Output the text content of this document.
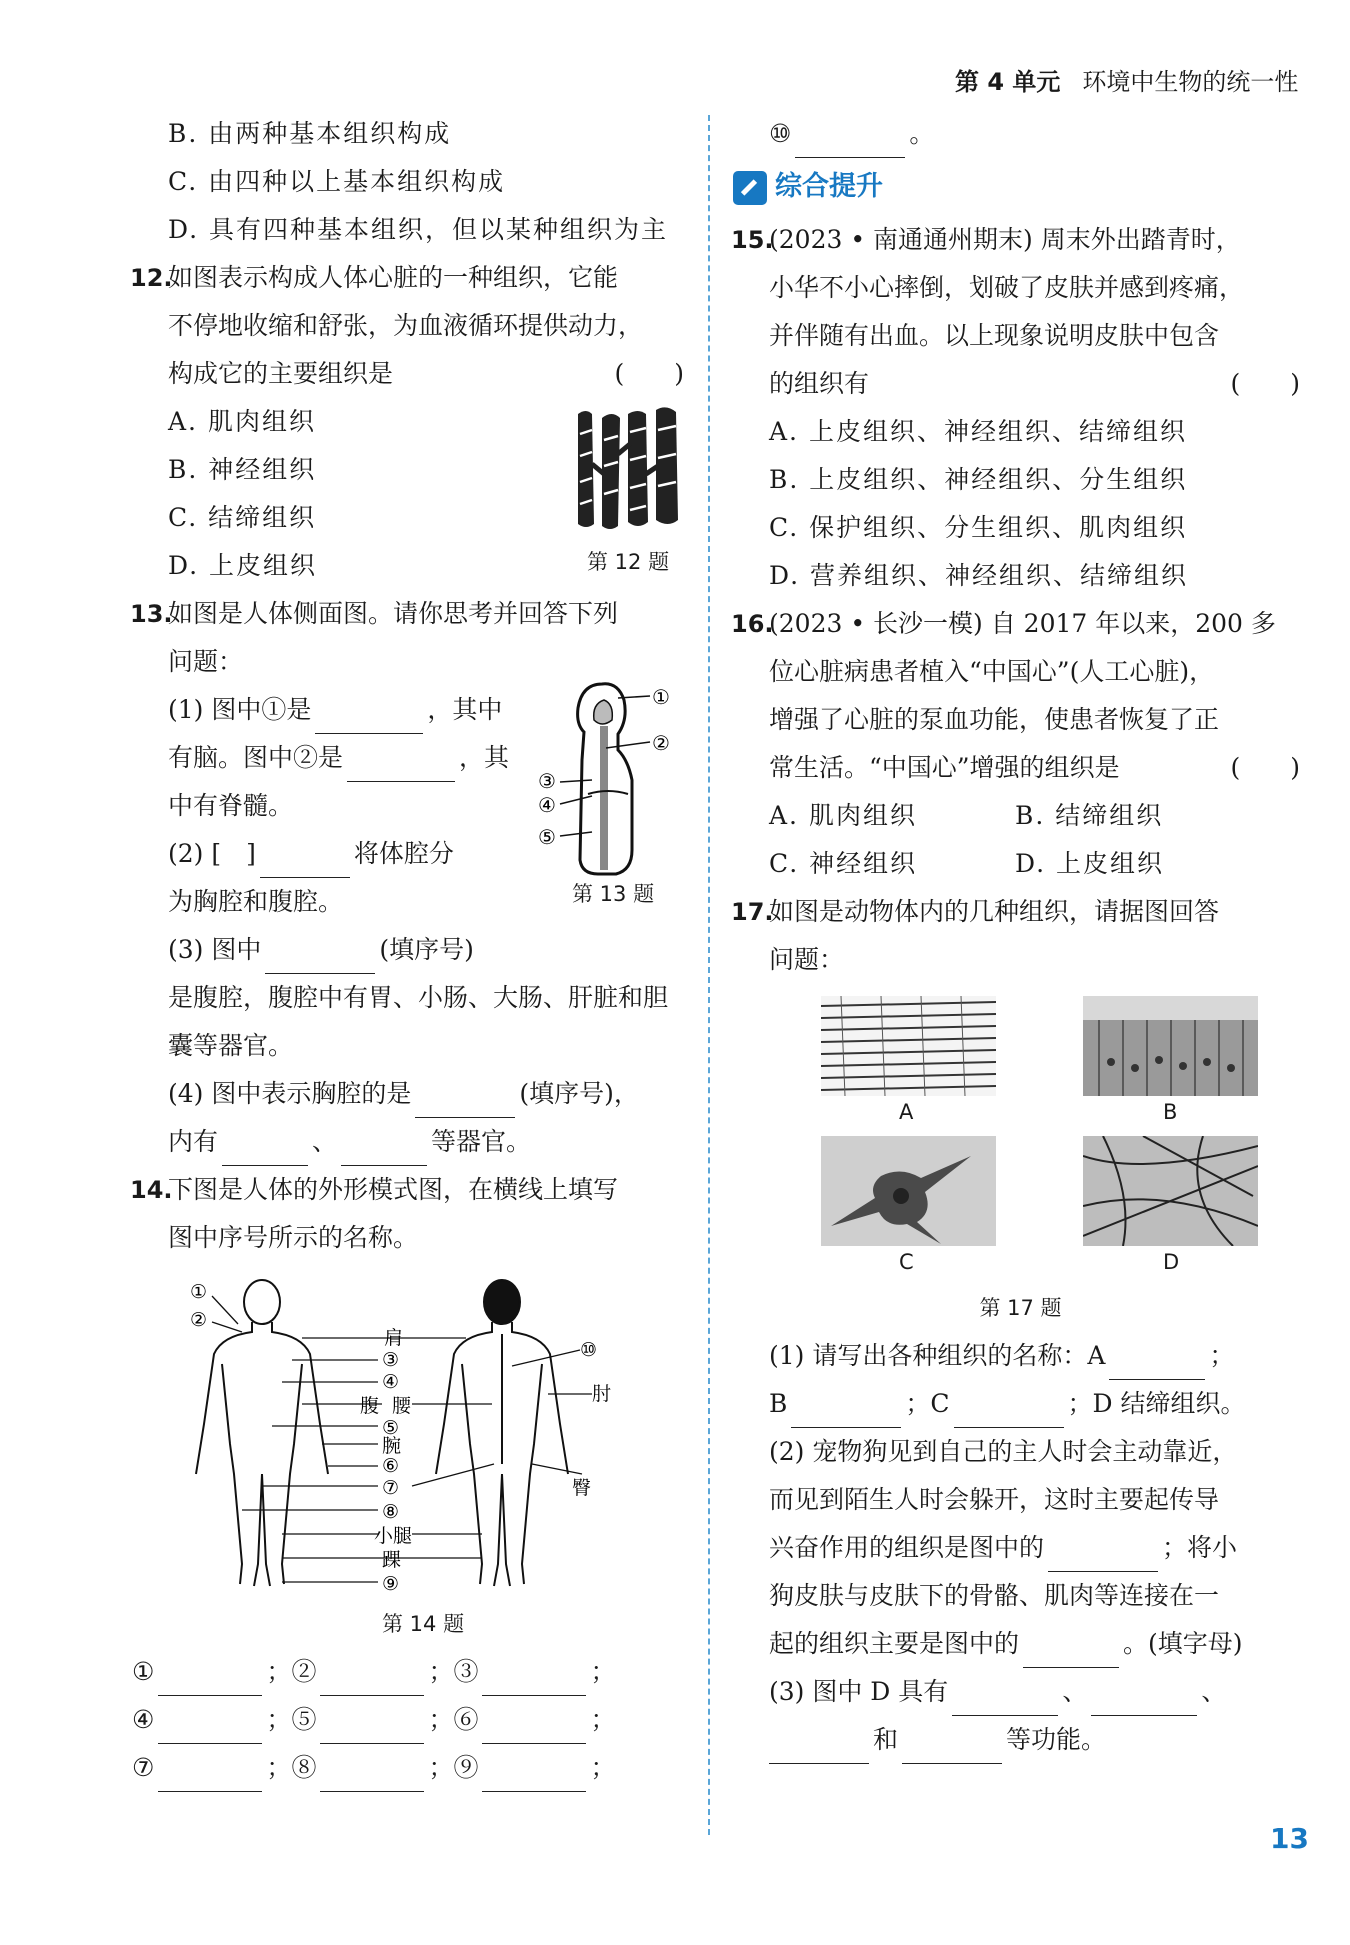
第 4 单元 环境中生物的统一性
B. 由两种基本组织构成
C. 由四种以上基本组织构成
D. 具有四种基本组织，但以某种组织为主
12.
如图表示构成人体心脏的一种组织，它能
不停地收缩和舒张，为血液循环提供动力，
构成它的主要组织是	(　　)
A. 肌肉组织
B. 神经组织
C. 结缔组织
D. 上皮组织	第 12 题
13.
如图是人体侧面图。请你思考并回答下列
问题：
(1) 图中①是	，其中
有脑。图中②是	，其
中有脊髓。
(2) [　]	将体腔分
为胸腔和腹腔。
(3) 图中	(填序号)
是腹腔，腹腔中有胃、小肠、大肠、肝脏和胆
囊等器官。
(4) 图中表示胸腔的是	(填序号)，
内有	、	等器官。
①
②
③
④
⑤
第 13 题
14.
下图是人体的外形模式图，在横线上填写
图中序号所示的名称。
①
②
肩
③
④
腹 腰
⑤
腕
⑥
⑦
⑧
小腿
踝
⑨
⑩
肘
臀
第 14 题
①	；②	；③	；
④	；⑤	；⑥	；
⑦	；⑧	；⑨	；
⑩	。
综合提升
15.
(2023 • 南通通州期末) 周末外出踏青时，
小华不小心摔倒，划破了皮肤并感到疼痛，
并伴随有出血。以上现象说明皮肤中包含
的组织有	(　　)
A. 上皮组织、神经组织、结缔组织
B. 上皮组织、神经组织、分生组织
C. 保护组织、分生组织、肌肉组织
D. 营养组织、神经组织、结缔组织
16.
(2023 • 长沙一模) 自 2017 年以来，200 多
位心脏病患者植入“中国心”(人工心脏)，
增强了心脏的泵血功能，使患者恢复了正
常生活。“中国心”增强的组织是	(　　)
A. 肌肉组织	B. 结缔组织
C. 神经组织	D. 上皮组织
17.
如图是动物体内的几种组织，请据图回答
问题：
A	B
C	D
第 17 题
(1) 请写出各种组织的名称：A	；
B	；C	；D 结缔组织。
(2) 宠物狗见到自己的主人时会主动靠近，
而见到陌生人时会躲开，这时主要起传导
兴奋作用的组织是图中的	；将小
狗皮肤与皮肤下的骨骼、肌肉等连接在一
起的组织主要是图中的	。(填字母)
(3) 图中 D 具有	、	、
和	等功能。
13
